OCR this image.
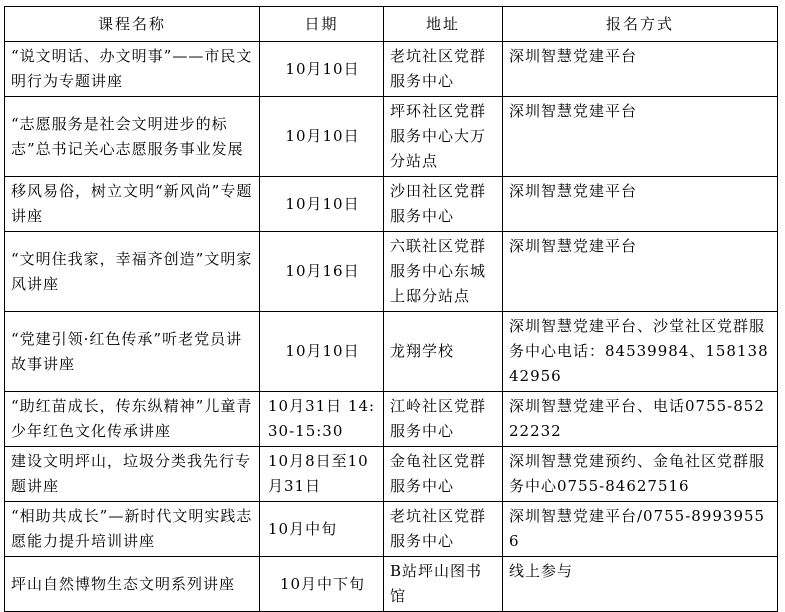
课程名称	日期	地址	报名方式
“说文明话、办文明事”——市民文明行为专题讲座	10月10日	老坑社区党群服务中心	深圳智慧党建平台
“志愿服务是社会文明进步的标志”总书记关心志愿服务事业发展	10月10日	坪环社区党群服务中心大万分站点	深圳智慧党建平台
移风易俗，树立文明“新风尚”专题讲座	10月10日	沙田社区党群服务中心	深圳智慧党建平台
“文明住我家，幸福齐创造”文明家风讲座	10月16日	六联社区党群服务中心东城上邸分站点	深圳智慧党建平台
“党建引领·红色传承”听老党员讲故事讲座	10月10日	龙翔学校	深圳智慧党建平台、沙堂社区党群服务中心电话：84539984、15813842956
“助红苗成长，传东纵精神”儿童青少年红色文化传承讲座	10月31日 14:30-15:30	江岭社区党群服务中心	深圳智慧党建平台、电话0755-85222232
建设文明坪山，垃圾分类我先行专题讲座	10月8日至10月31日	金龟社区党群服务中心	深圳智慧党建预约、金龟社区党群服务中心0755-84627516
“相助共成长”—新时代文明实践志愿能力提升培训讲座	10月中旬	老坑社区党群服务中心	深圳智慧党建平台/0755-89939556
坪山自然博物生态文明系列讲座	10月中下旬	B站坪山图书馆	线上参与
